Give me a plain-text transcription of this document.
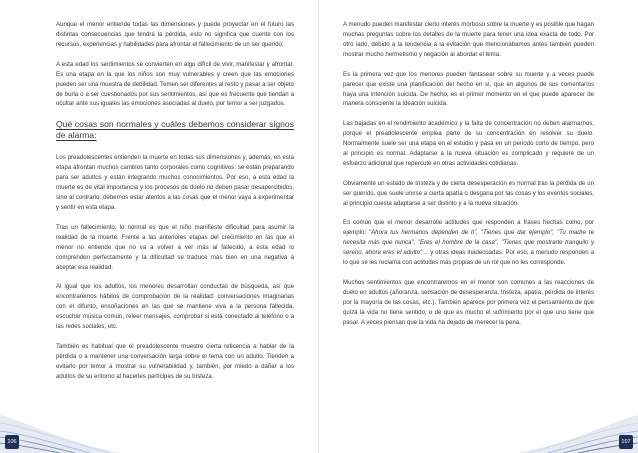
Aunque el menor entiende todas las dimensiones y puede proyectar en el futuro las distintas consecuencias que tendrá la pérdida, esto no significa que cuente con los recursos, experiencias y habilidades para afrontar el fallecimiento de un ser querido.

A esta edad los sentimientos se convierten en algo difícil de vivir, manifestar y afrontar. Es una etapa en la que los niños son muy vulnerables y creen que las emociones pueden ser una muestra de debilidad. Temen ser diferentes al resto y pasar a ser objeto de burla o a ser cuestionados por sus sentimientos, así que es frecuente que tiendan a ocultar ante sus iguales las emociones asociadas al duelo, por temor a ser juzgados.

Qué cosas son normales y cuáles debemos considerar signos de alarma:

Los preadolescentes entienden la muerte en todas sus dimensiones y, además, en esta etapa afrontan muchos cambios tanto corporales como cognitivos: se están preparando para ser adultos y están integrando muchos conocimientos. Por eso, a esta edad la muerte es de vital importancia y los procesos de duelo no deben pasar desapercibidos, sino al contrario: debemos estar atentos a las cosas que el menor vaya a experimentar y sentir en esta etapa.

Tras un fallecimiento, lo normal es que el niño manifieste dificultad para asumir la realidad de la muerte. Frente a las anteriores etapas del crecimiento en las que el menor no entiende que no va a volver a ver más al fallecido, a esta edad lo comprenden perfectamente y la dificultad se traduce más bien en una negativa a aceptar esa realidad.

Al igual que los adultos, los menores desarrollan conductas de búsqueda, así que encontraremos hábitos de comprobación de la realidad: conversaciones imaginarias con el difunto, ensoñaciones en las que se mantiene viva a la persona fallecida, escuchar música común, releer mensajes, comprobar si está conectado al teléfono o a las redes sociales, etc.

También es habitual que el preadolescente muestre cierta reticencia a hablar de la pérdida o a mantener una conversación larga sobre el tema con un adulto. Tienden a evitarlo por temor a mostrar su vulnerabilidad y, también, por miedo a dañar a los adultos de su entorno al hacerles partícipes de su tristeza.

106

A menudo pueden manifestar cierto interés morboso sobre la muerte y es posible que hagan muchas preguntas sobre los detalles de la muerte para tener una idea exacta de todo. Por otro lado, debido a la tendencia a la evitación que mencionábamos antes también pueden mostrar mucho hermetismo y negación al abordar el tema.

Es la primera vez que los menores pueden fantasear sobre su muerte y a veces puede parecer que existe una planificación del hecho en sí, que en algunos de sus comentarios haya una intención suicida. De hecho, es el primer momento en el que puede aparecer de manera consciente la ideación suicida.

Las bajadas en el rendimiento académico y la falta de concentración no deben alarmarnos, porque el preadolescente emplea parte de su concentración en resolver su duelo. Normalmente suele ser una etapa en el estudio y pasa en un periodo corto de tiempo, pero al principio es normal. Adaptarse a la nueva situación es complicado y requiere de un esfuerzo adicional que repercute en otras actividades cotidianas.

Obviamente un estado de tristeza y de cierta desesperación es normal tras la pérdida de un ser querido, que suele unirse a cierta apatía o desgana por las cosas y los eventos sociales, al principio cuesta adaptarse a ser distinto y a la nueva situación.

Es común que el menor desarrolle actitudes que responden a frases hechas como, por ejemplo: "Ahora tus hermanos dependen de ti", "Tienes que dar ejemplo", "Tu madre te necesita más que nunca", "Eres el hombre de la casa", "Tienes que mostrarte tranquilo y sereno, ahora eres el adulto"… y otras ideas inadecuadas. Por eso, a menudo responden a lo que se les reclama con actitudes más propias de un rol que no les corresponde.

Muchos sentimientos que encontraremos en el menor son comunes a las reacciones de duelo en adultos (añoranza, sensación de desesperanza, tristeza, apatía, pérdida de interés por la mayoría de las cosas, etc.). También aparece por primera vez el pensamiento de que quizá la vida no tiene sentido, o de que es mucho el sufrimiento por el que uno tiene que pasar. A veces piensan que la vida ha dejado de merecer la pena.

107
